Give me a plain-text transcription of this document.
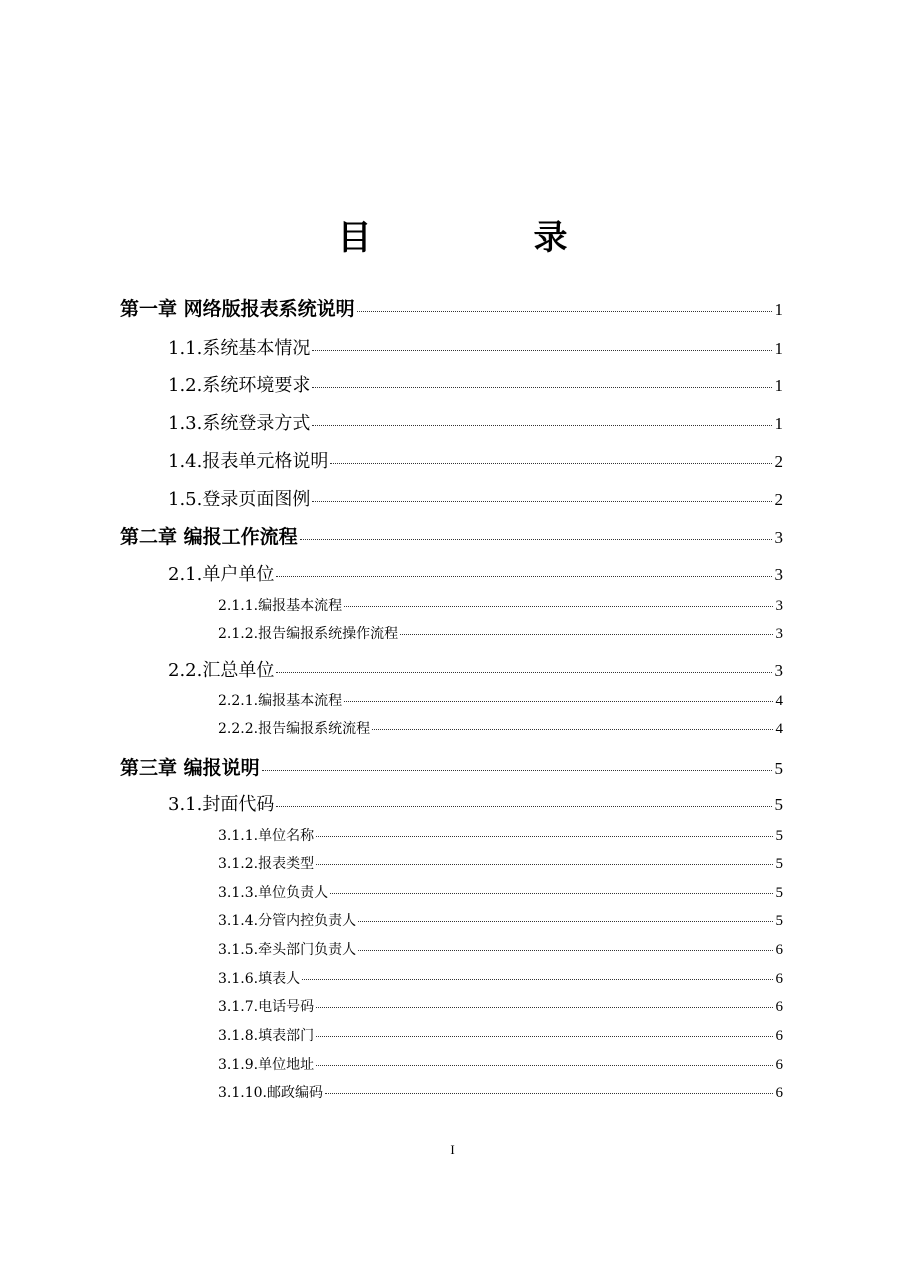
目　录
第一章 网络版报表系统说明	1
1.1.系统基本情况	1
1.2.系统环境要求	1
1.3.系统登录方式	1
1.4.报表单元格说明	2
1.5.登录页面图例	2
第二章 编报工作流程	3
2.1.单户单位	3
2.1.1.编报基本流程	3
2.1.2.报告编报系统操作流程	3
2.2.汇总单位	3
2.2.1.编报基本流程	4
2.2.2.报告编报系统流程	4
第三章 编报说明	5
3.1.封面代码	5
3.1.1.单位名称	5
3.1.2.报表类型	5
3.1.3.单位负责人	5
3.1.4.分管内控负责人	5
3.1.5.牵头部门负责人	6
3.1.6.填表人	6
3.1.7.电话号码	6
3.1.8.填表部门	6
3.1.9.单位地址	6
3.1.10.邮政编码	6
I
